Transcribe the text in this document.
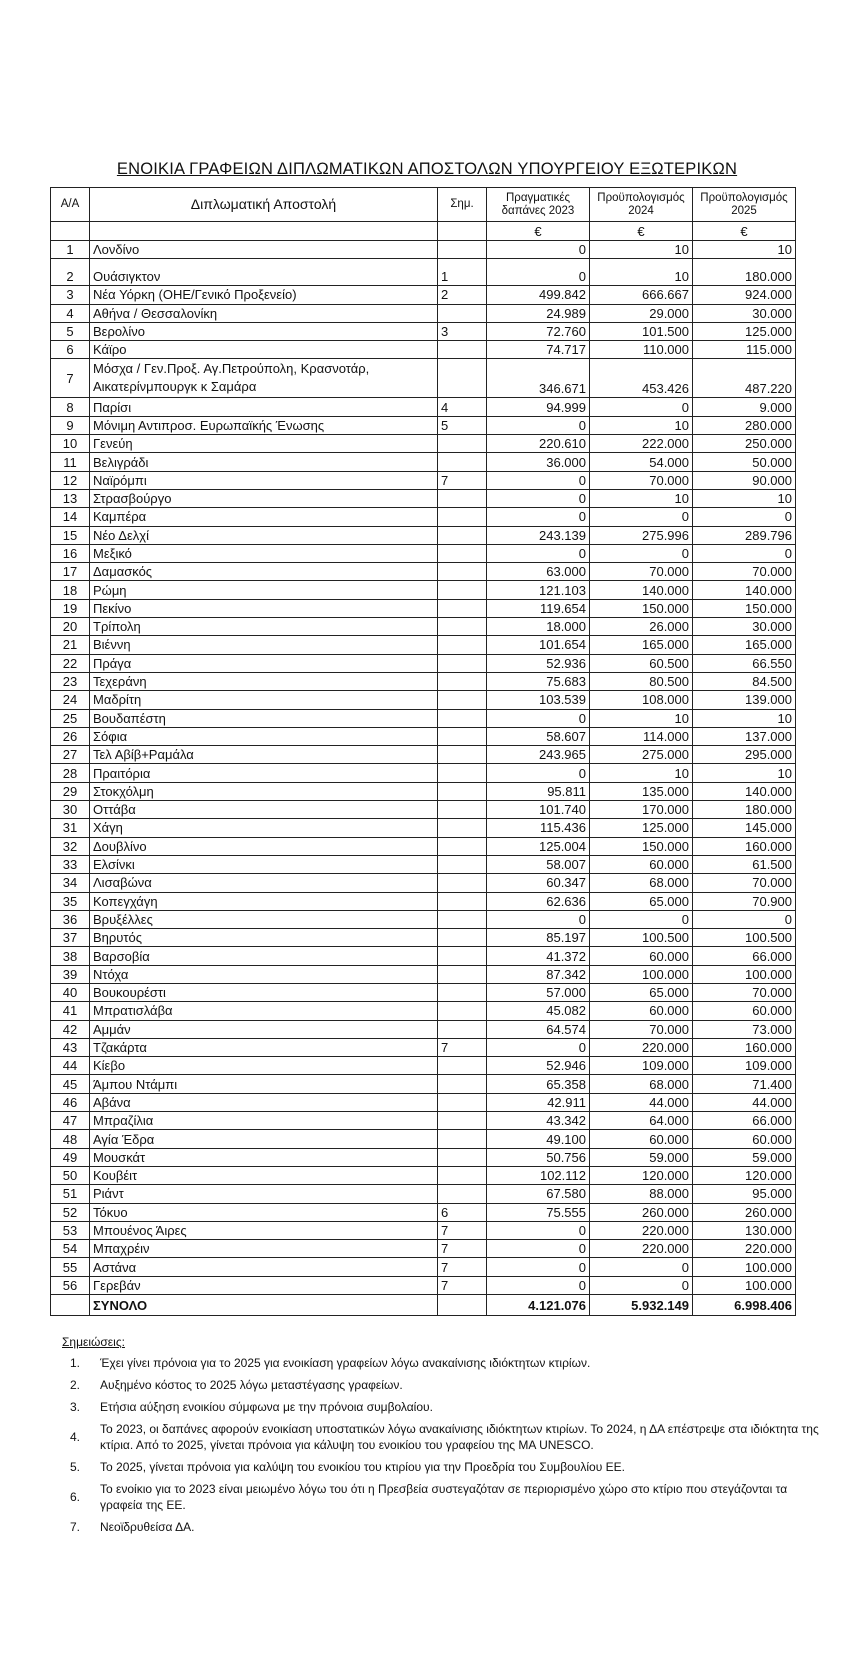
ΕΝΟΙΚΙΑ ΓΡΑΦΕΙΩΝ ΔΙΠΛΩΜΑΤΙΚΩΝ ΑΠΟΣΤΟΛΩΝ ΥΠΟΥΡΓΕΙΟΥ ΕΞΩΤΕΡΙΚΩΝ
Α/Α	Διπλωματική Αποστολή	Σημ.	Πραγματικές δαπάνες 2023	Προϋπολογισμός 2024	Προϋπολογισμός 2025
			€	€	€
1	Λονδίνο		0	10	10
2	Ουάσιγκτον	1	0	10	180.000
3	Νέα Υόρκη (ΟΗΕ/Γενικό Προξενείο)	2	499.842	666.667	924.000
4	Αθήνα / Θεσσαλονίκη		24.989	29.000	30.000
5	Βερολίνο	3	72.760	101.500	125.000
6	Κάϊρο		74.717	110.000	115.000
7	Μόσχα / Γεν.Προξ. Αγ.Πετρούπολη, Κρασνοτάρ, Αικατερίνμπουργκ κ Σαμάρα		346.671	453.426	487.220
8	Παρίσι	4	94.999	0	9.000
9	Μόνιμη Αντιπροσ. Ευρωπαϊκής Ένωσης	5	0	10	280.000
10	Γενεύη		220.610	222.000	250.000
11	Βελιγράδι		36.000	54.000	50.000
12	Ναϊρόμπι	7	0	70.000	90.000
13	Στρασβούργο		0	10	10
14	Καμπέρα		0	0	0
15	Νέο Δελχί		243.139	275.996	289.796
16	Μεξικό		0	0	0
17	Δαμασκός		63.000	70.000	70.000
18	Ρώμη		121.103	140.000	140.000
19	Πεκίνο		119.654	150.000	150.000
20	Τρίπολη		18.000	26.000	30.000
21	Βιέννη		101.654	165.000	165.000
22	Πράγα		52.936	60.500	66.550
23	Τεχεράνη		75.683	80.500	84.500
24	Μαδρίτη		103.539	108.000	139.000
25	Βουδαπέστη		0	10	10
26	Σόφια		58.607	114.000	137.000
27	Τελ Αβίβ+Ραμάλα		243.965	275.000	295.000
28	Πραιτόρια		0	10	10
29	Στοκχόλμη		95.811	135.000	140.000
30	Οττάβα		101.740	170.000	180.000
31	Χάγη		115.436	125.000	145.000
32	Δουβλίνο		125.004	150.000	160.000
33	Ελσίνκι		58.007	60.000	61.500
34	Λισαβώνα		60.347	68.000	70.000
35	Κοπεγχάγη		62.636	65.000	70.900
36	Βρυξέλλες		0	0	0
37	Βηρυτός		85.197	100.500	100.500
38	Βαρσοβία		41.372	60.000	66.000
39	Ντόχα		87.342	100.000	100.000
40	Βουκουρέστι		57.000	65.000	70.000
41	Μπρατισλάβα		45.082	60.000	60.000
42	Αμμάν		64.574	70.000	73.000
43	Τζακάρτα	7	0	220.000	160.000
44	Κίεβο		52.946	109.000	109.000
45	Άμπου Ντάμπι		65.358	68.000	71.400
46	Αβάνα		42.911	44.000	44.000
47	Μπραζίλια		43.342	64.000	66.000
48	Αγία Έδρα		49.100	60.000	60.000
49	Μουσκάτ		50.756	59.000	59.000
50	Κουβέιτ		102.112	120.000	120.000
51	Ριάντ		67.580	88.000	95.000
52	Τόκυο	6	75.555	260.000	260.000
53	Μπουένος Άιρες	7	0	220.000	130.000
54	Μπαχρέιν	7	0	220.000	220.000
55	Αστάνα	7	0	0	100.000
56	Γερεβάν	7	0	0	100.000
	ΣΥΝΟΛΟ		4.121.076	5.932.149	6.998.406
Σημειώσεις:
1.	Έχει γίνει πρόνοια για το 2025 για ενοικίαση γραφείων λόγω ανακαίνισης ιδιόκτητων κτιρίων.
2.	Αυξημένο κόστος το 2025 λόγω μεταστέγασης γραφείων.
3.	Ετήσια αύξηση ενοικίου σύμφωνα με την πρόνοια συμβολαίου.
4.
Το 2023, οι δαπάνες αφορούν ενοικίαση υποστατικών λόγω ανακαίνισης ιδιόκτητων κτιρίων. Το 2024, η ΔΑ επέστρεψε στα ιδιόκτητα της κτίρια. Από το 2025, γίνεται πρόνοια για κάλυψη του ενοικίου του γραφείου της ΜΑ UNESCO.
5.	Το 2025, γίνεται πρόνοια για καλύψη του ενοικίου του κτιρίου για την Προεδρία του Συμβουλίου ΕΕ.
6.
Το ενοίκιο για το 2023 είναι μειωμένο λόγω του ότι η Πρεσβεία συστεγαζόταν σε περιορισμένο χώρο στο κτίριο που στεγάζονται τα γραφεία της ΕΕ.
7.	Νεοϊδρυθείσα ΔΑ.
